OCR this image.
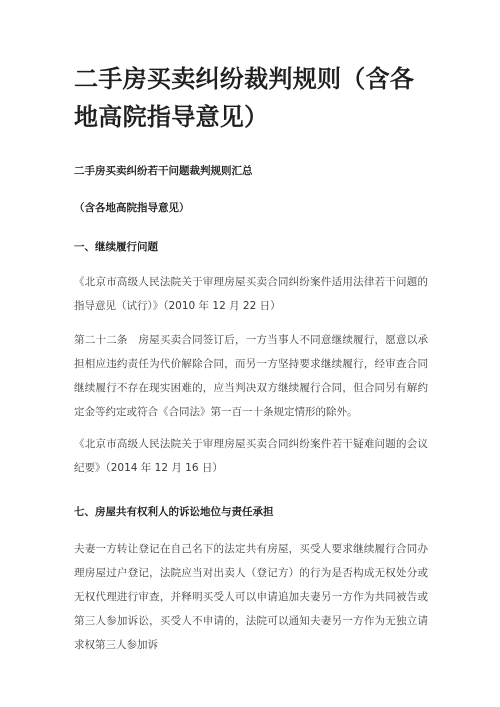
二手房买卖纠纷裁判规则（含各地高院指导意见）

二手房买卖纠纷若干问题裁判规则汇总

（含各地高院指导意见）

一、继续履行问题

《北京市高级人民法院关于审理房屋买卖合同纠纷案件适用法律若干问题的指导意见（试行）》（2010 年 12 月 22 日）

第二十二条　房屋买卖合同签订后，一方当事人不同意继续履行，愿意以承担相应违约责任为代价解除合同，而另一方坚持要求继续履行，经审查合同继续履行不存在现实困难的，应当判决双方继续履行合同，但合同另有解约定金等约定或符合《合同法》第一百一十条规定情形的除外。

《北京市高级人民法院关于审理房屋买卖合同纠纷案件若干疑难问题的会议纪要》（2014 年 12 月 16 日）

七、房屋共有权利人的诉讼地位与责任承担

夫妻一方转让登记在自己名下的法定共有房屋，买受人要求继续履行合同办理房屋过户登记，法院应当对出卖人（登记方）的行为是否构成无权处分或无权代理进行审查，并释明买受人可以申请追加夫妻另一方作为共同被告或第三人参加诉讼，买受人不申请的，法院可以通知夫妻另一方作为无独立请求权第三人参加诉
